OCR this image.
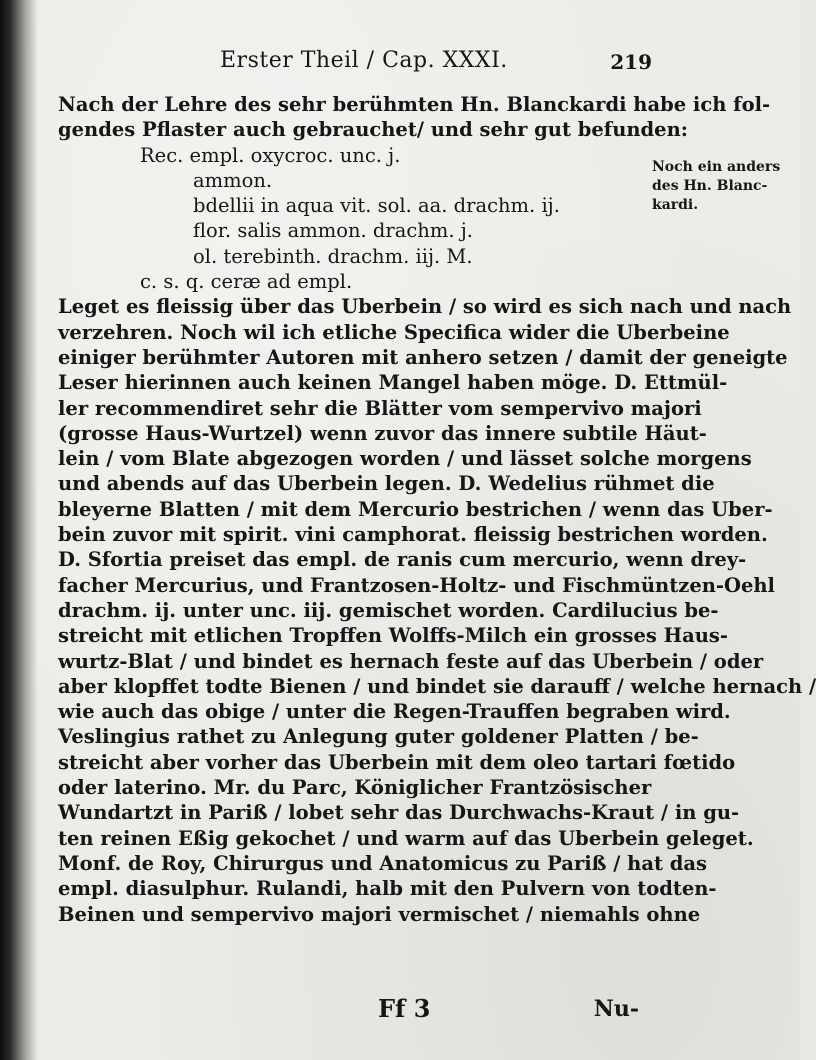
Erster Theil / Cap. XXXI.	219
Nach der Lehre des sehr berühmten Hn. Blanckardi habe ich fol-
gendes Pflaster auch gebrauchet/ und sehr gut befunden:
Rec. empl. oxycroc. unc. j.
ammon.
bdellii in aqua vit. sol. aa. drachm. ij.
flor. salis ammon. drachm. j.
ol. terebinth. drachm. iij. M.
c. s. q. ceræ ad empl.
Leget es fleissig über das Uberbein / so wird es sich nach und nach
verzehren. Noch wil ich etliche Specifica wider die Uberbeine
einiger berühmter Autoren mit anhero setzen / damit der geneigte
Leser hierinnen auch keinen Mangel haben möge. D. Ettmül-
ler recommendiret sehr die Blätter vom sempervivo majori
(grosse Haus-Wurtzel) wenn zuvor das innere subtile Häut-
lein / vom Blate abgezogen worden / und lässet solche morgens
und abends auf das Uberbein legen. D. Wedelius rühmet die
bleyerne Blatten / mit dem Mercurio bestrichen / wenn das Uber-
bein zuvor mit spirit. vini camphorat. fleissig bestrichen worden.
D. Sfortia preiset das empl. de ranis cum mercurio, wenn drey-
facher Mercurius, und Frantzosen-Holtz- und Fischmüntzen-Oehl
drachm. ij. unter unc. iij. gemischet worden. Cardilucius be-
streicht mit etlichen Tropffen Wolffs-Milch ein grosses Haus-
wurtz-Blat / und bindet es hernach feste auf das Uberbein / oder
aber klopffet todte Bienen / und bindet sie darauff / welche hernach /
wie auch das obige / unter die Regen-Trauffen begraben wird.
Veslingius rathet zu Anlegung guter goldener Platten / be-
streicht aber vorher das Uberbein mit dem oleo tartari fœtido
oder laterino. Mr. du Parc, Königlicher Frantzösischer
Wundartzt in Pariß / lobet sehr das Durchwachs-Kraut / in gu-
ten reinen Eßig gekochet / und warm auf das Uberbein geleget.
Monf. de Roy, Chirurgus und Anatomicus zu Pariß / hat das
empl. diasulphur. Rulandi, halb mit den Pulvern von todten-
Beinen und sempervivo majori vermischet / niemahls ohne
Noch ein anders
des Hn. Blanc-
kardi.
Ff 3	Nu-
